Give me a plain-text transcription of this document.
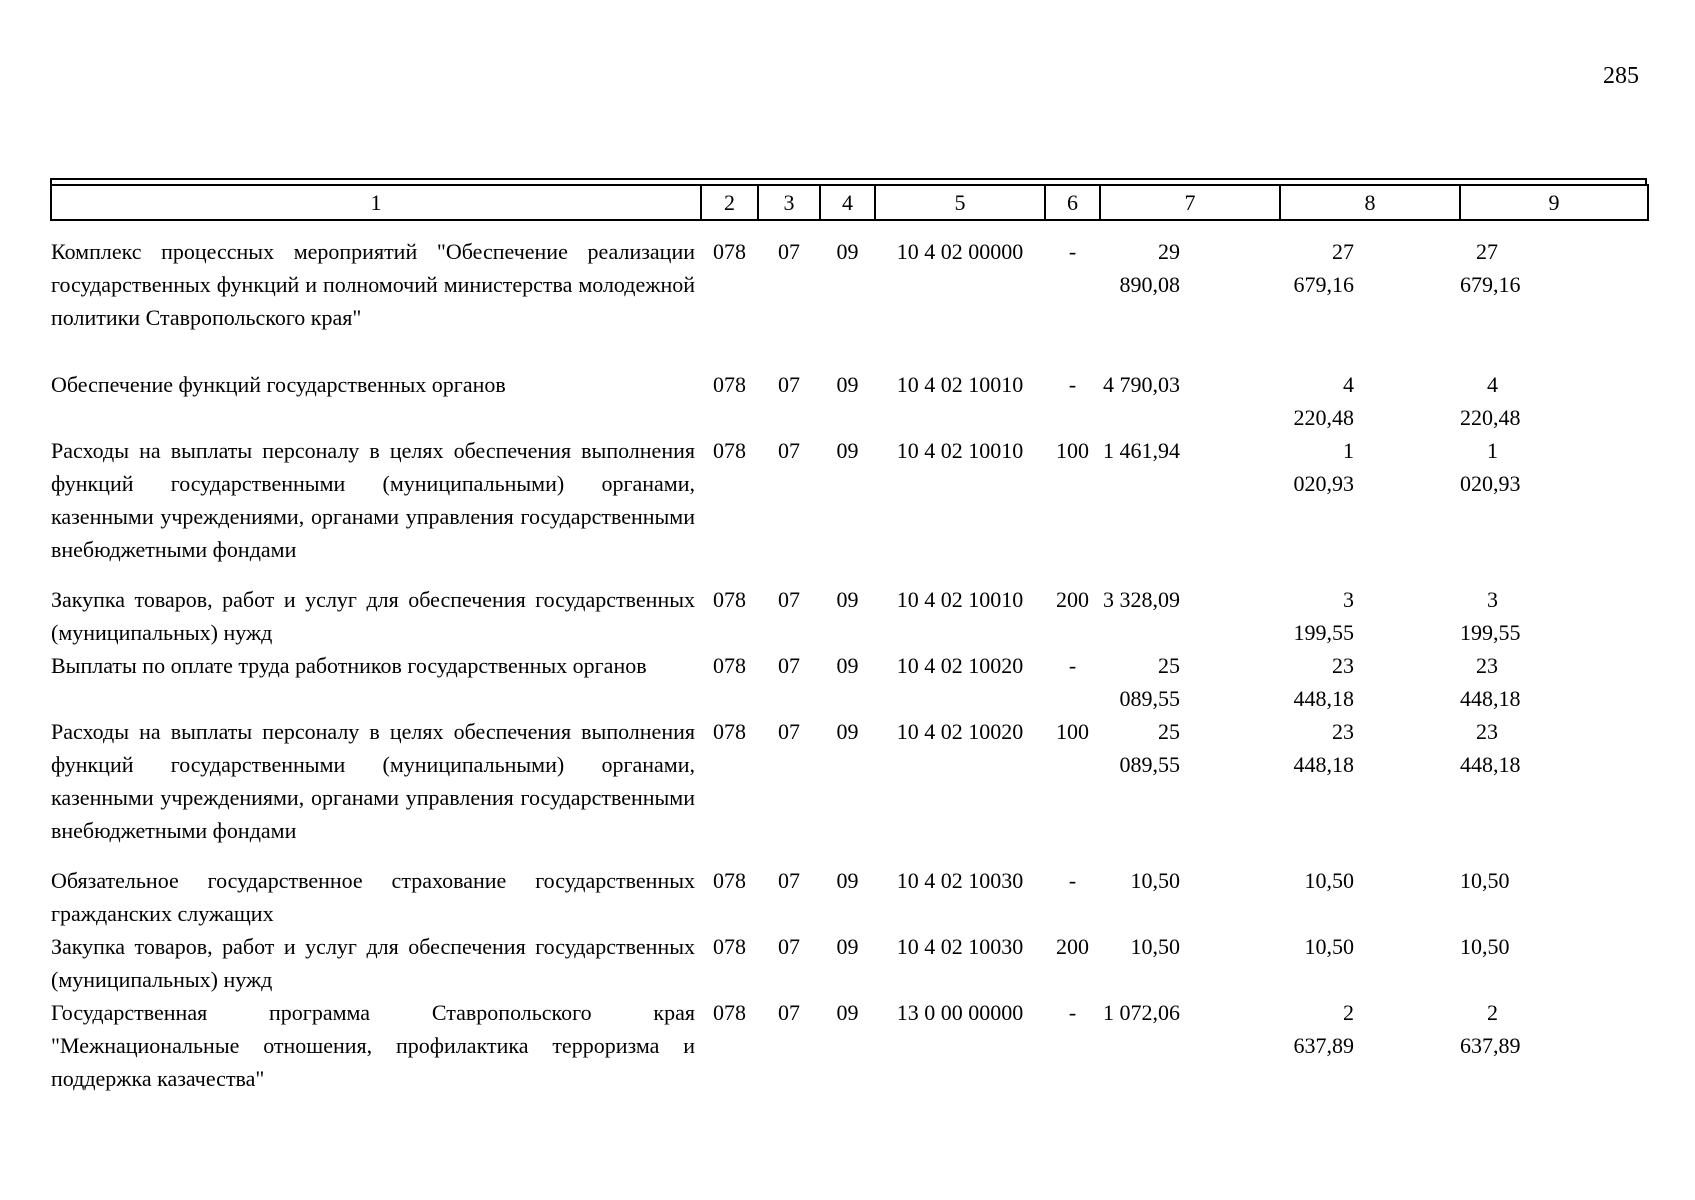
285
1	2	3	4	5	6	7	8	9
Комплекс процессных мероприятий "Обеспечение реализации государственных функций и полномочий министерства молодежной политики Ставропольского края"	078	07	09	10 4 02 00000	-	29 890,08	27 679,16	27 679,16
Обеспечение функций государственных органов	078	07	09	10 4 02 10010	-	4 790,03	4 220,48	4 220,48
Расходы на выплаты персоналу в целях обеспечения выполнения функций государственными (муниципальными) органами, казенными учреждениями, органами управления государственными внебюджетными фондами	078	07	09	10 4 02 10010	100	1 461,94	1 020,93	1 020,93
Закупка товаров, работ и услуг для обеспечения государственных (муниципальных) нужд	078	07	09	10 4 02 10010	200	3 328,09	3 199,55	3 199,55
Выплаты по оплате труда работников государственных органов	078	07	09	10 4 02 10020	-	25 089,55	23 448,18	23 448,18
Расходы на выплаты персоналу в целях обеспечения выполнения функций государственными (муниципальными) органами, казенными учреждениями, органами управления государственными внебюджетными фондами	078	07	09	10 4 02 10020	100	25 089,55	23 448,18	23 448,18
Обязательное государственное страхование государственных гражданских служащих	078	07	09	10 4 02 10030	-	10,50	10,50	10,50
Закупка товаров, работ и услуг для обеспечения государственных (муниципальных) нужд	078	07	09	10 4 02 10030	200	10,50	10,50	10,50
Государственная программа Ставропольского края "Межнациональные отношения, профилактика терроризма и поддержка казачества"	078	07	09	13 0 00 00000	-	1 072,06	2 637,89	2 637,89
